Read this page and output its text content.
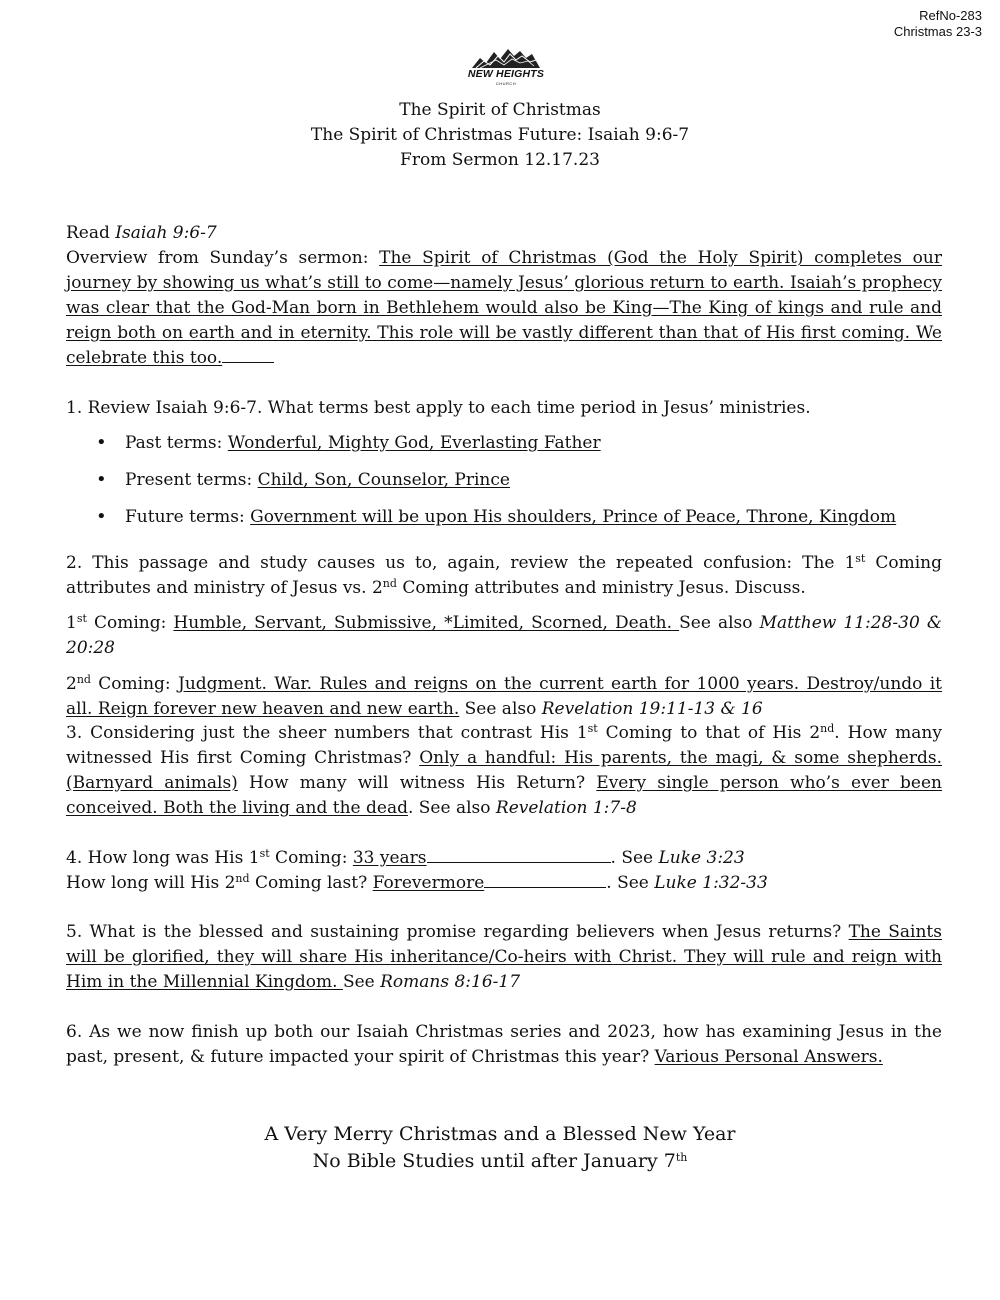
RefNo-283
Christmas 23-3
NEW HEIGHTS
CHURCH
The Spirit of Christmas
The Spirit of Christmas Future: Isaiah 9:6-7
From Sermon 12.17.23
Read Isaiah 9:6-7
Overview from Sunday’s sermon: The Spirit of Christmas (God the Holy Spirit) completes our journey by showing us what’s still to come—namely Jesus’ glorious return to earth. Isaiah’s prophecy was clear that the God-Man born in Bethlehem would also be King—The King of kings and rule and reign both on earth and in eternity. This role will be vastly different than that of His first coming. We celebrate this too.
1. Review Isaiah 9:6-7. What terms best apply to each time period in Jesus’ ministries.
• Past terms: Wonderful, Mighty God, Everlasting Father
• Present terms: Child, Son, Counselor, Prince
• Future terms: Government will be upon His shoulders, Prince of Peace, Throne, Kingdom
2. This passage and study causes us to, again, review the repeated confusion: The 1st Coming attributes and ministry of Jesus vs. 2nd Coming attributes and ministry Jesus. Discuss.
1st Coming: Humble, Servant, Submissive, *Limited, Scorned, Death. See also Matthew 11:28-30 & 20:28
2nd Coming: Judgment. War. Rules and reigns on the current earth for 1000 years. Destroy/undo it all. Reign forever new heaven and new earth. See also Revelation 19:11-13 & 16
3. Considering just the sheer numbers that contrast His 1st Coming to that of His 2nd. How many witnessed His first Coming Christmas? Only a handful: His parents, the magi, & some shepherds. (Barnyard animals) How many will witness His Return? Every single person who’s ever been conceived. Both the living and the dead. See also Revelation 1:7-8
4. How long was His 1st Coming: 33 years	. See Luke 3:23
How long will His 2nd Coming last? Forevermore	. See Luke 1:32-33
5. What is the blessed and sustaining promise regarding believers when Jesus returns? The Saints will be glorified, they will share His inheritance/Co-heirs with Christ. They will rule and reign with Him in the Millennial Kingdom. See Romans 8:16-17
6. As we now finish up both our Isaiah Christmas series and 2023, how has examining Jesus in the past, present, & future impacted your spirit of Christmas this year? Various Personal Answers.
A Very Merry Christmas and a Blessed New Year
No Bible Studies until after January 7th
